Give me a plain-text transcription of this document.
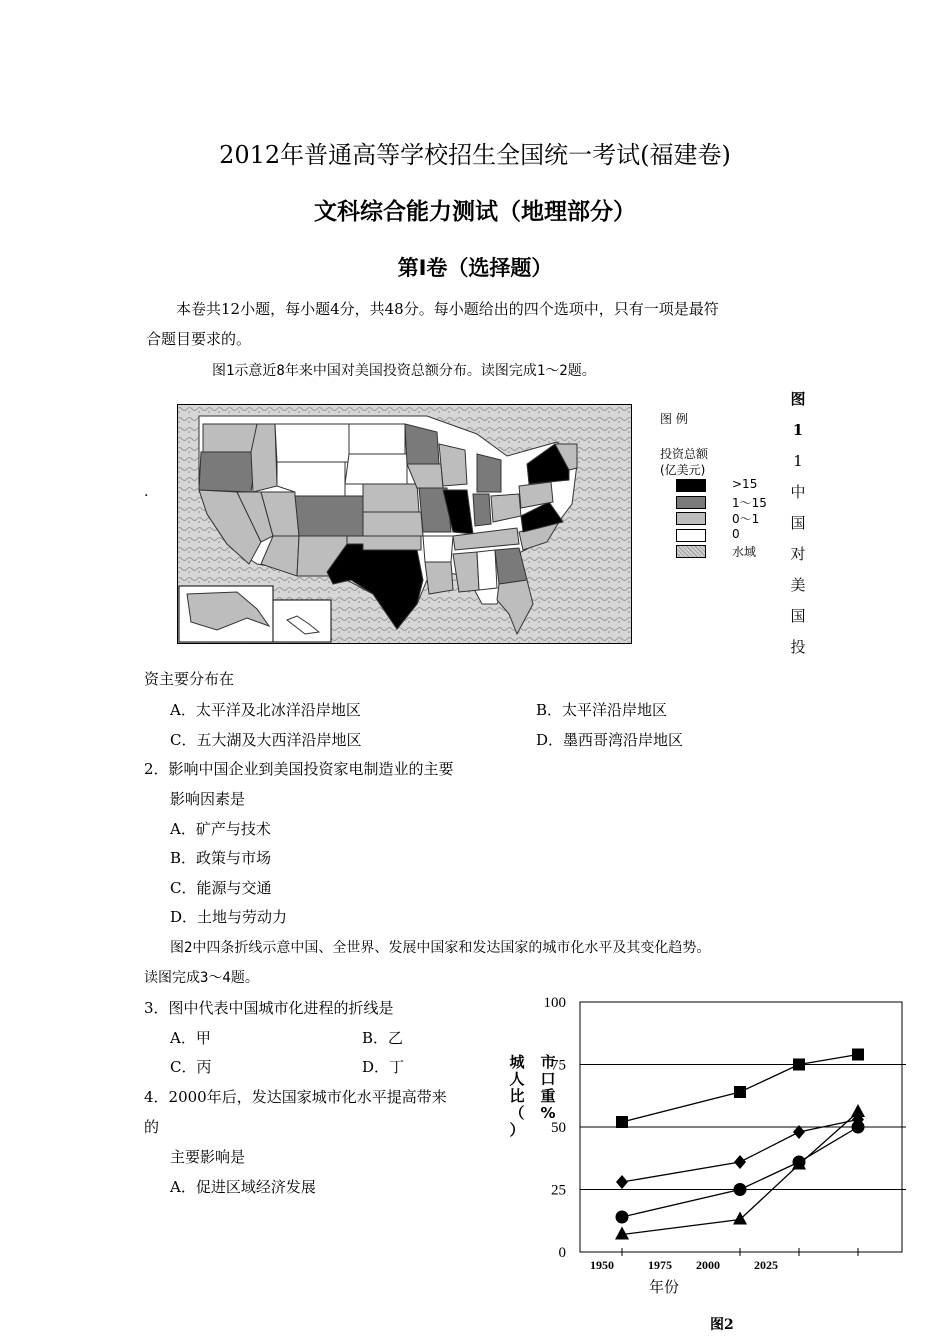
2012年普通高等学校招生全国统一考试(福建卷)
文科综合能力测试（地理部分）
第Ⅰ卷（选择题）
本卷共12小题，每小题4分，共48分。每小题给出的四个选项中，只有一项是最符
合题目要求的。
图1示意近8年来中国对美国投资总额分布。读图完成1～2题。
.
图 例
投资总额
(亿美元)
>15
1～15
0～1
0
水域
图
1
1
中
国
对
美
国
投
资主要分布在
A．太平洋及北冰洋沿岸地区	B．太平洋沿岸地区
C．五大湖及大西洋沿岸地区	D．墨西哥湾沿岸地区
2．影响中国企业到美国投资家电制造业的主要
影响因素是
A．矿产与技术
B．政策与市场
C．能源与交通
D．土地与劳动力
图2中四条折线示意中国、全世界、发展中国家和发达国家的城市化水平及其变化趋势。
读图完成3～4题。
3．图中代表中国城市化进程的折线是
A．甲	B．乙
C．丙	D．丁
4．2000年后，发达国家城市化水平提高带来
的
主要影响是
A．促进区域经济发展
城
人
比
（
）
市
口
重
%
100
75
50
25
0
1950	1975 2000	2025
年份
图2
